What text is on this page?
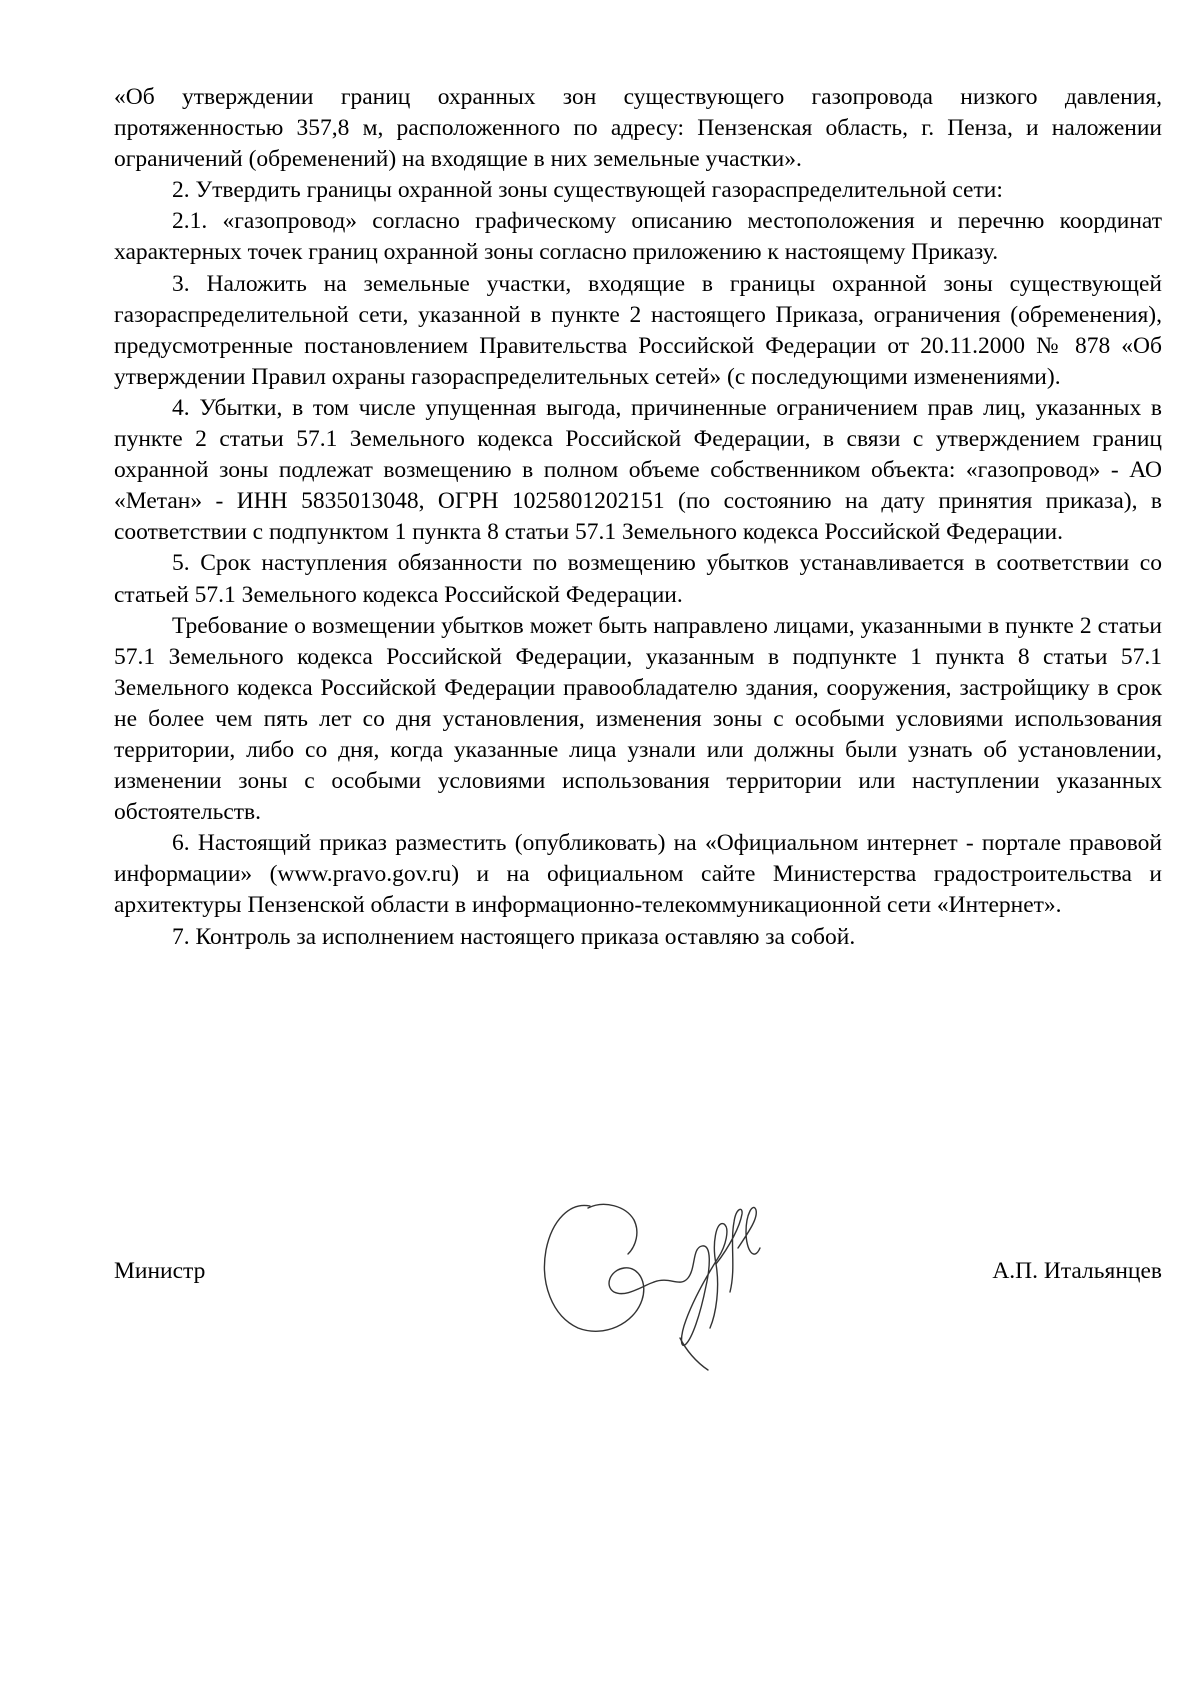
«Об утверждении границ охранных зон существующего газопровода низкого давления, протяженностью 357,8 м, расположенного по адресу: Пензенская область, г. Пенза, и наложении ограничений (обременений) на входящие в них земельные участки».

2. Утвердить границы охранной зоны существующей газораспределительной сети:

2.1. «газопровод» согласно графическому описанию местоположения и перечню координат характерных точек границ охранной зоны согласно приложению к настоящему Приказу.

3. Наложить на земельные участки, входящие в границы охранной зоны существующей газораспределительной сети, указанной в пункте 2 настоящего Приказа, ограничения (обременения), предусмотренные постановлением Правительства Российской Федерации от 20.11.2000 № 878 «Об утверждении Правил охраны газораспределительных сетей» (с последующими изменениями).

4. Убытки, в том числе упущенная выгода, причиненные ограничением прав лиц, указанных в пункте 2 статьи 57.1 Земельного кодекса Российской Федерации, в связи с утверждением границ охранной зоны подлежат возмещению в полном объеме собственником объекта: «газопровод» - АО «Метан» - ИНН 5835013048, ОГРН 1025801202151 (по состоянию на дату принятия приказа), в соответствии с подпунктом 1 пункта 8 статьи 57.1 Земельного кодекса Российской Федерации.

5. Срок наступления обязанности по возмещению убытков устанавливается в соответствии со статьей 57.1 Земельного кодекса Российской Федерации.

Требование о возмещении убытков может быть направлено лицами, указанными в пункте 2 статьи 57.1 Земельного кодекса Российской Федерации, указанным в подпункте 1 пункта 8 статьи 57.1 Земельного кодекса Российской Федерации правообладателю здания, сооружения, застройщику в срок не более чем пять лет со дня установления, изменения зоны с особыми условиями использования территории, либо со дня, когда указанные лица узнали или должны были узнать об установлении, изменении зоны с особыми условиями использования территории или наступлении указанных обстоятельств.

6. Настоящий приказ разместить (опубликовать) на «Официальном интернет - портале правовой информации» (www.pravo.gov.ru) и на официальном сайте Министерства градостроительства и архитектуры Пензенской области в информационно-телекоммуникационной сети «Интернет».

7. Контроль за исполнением настоящего приказа оставляю за собой.

Министр	А.П. Итальянцев
